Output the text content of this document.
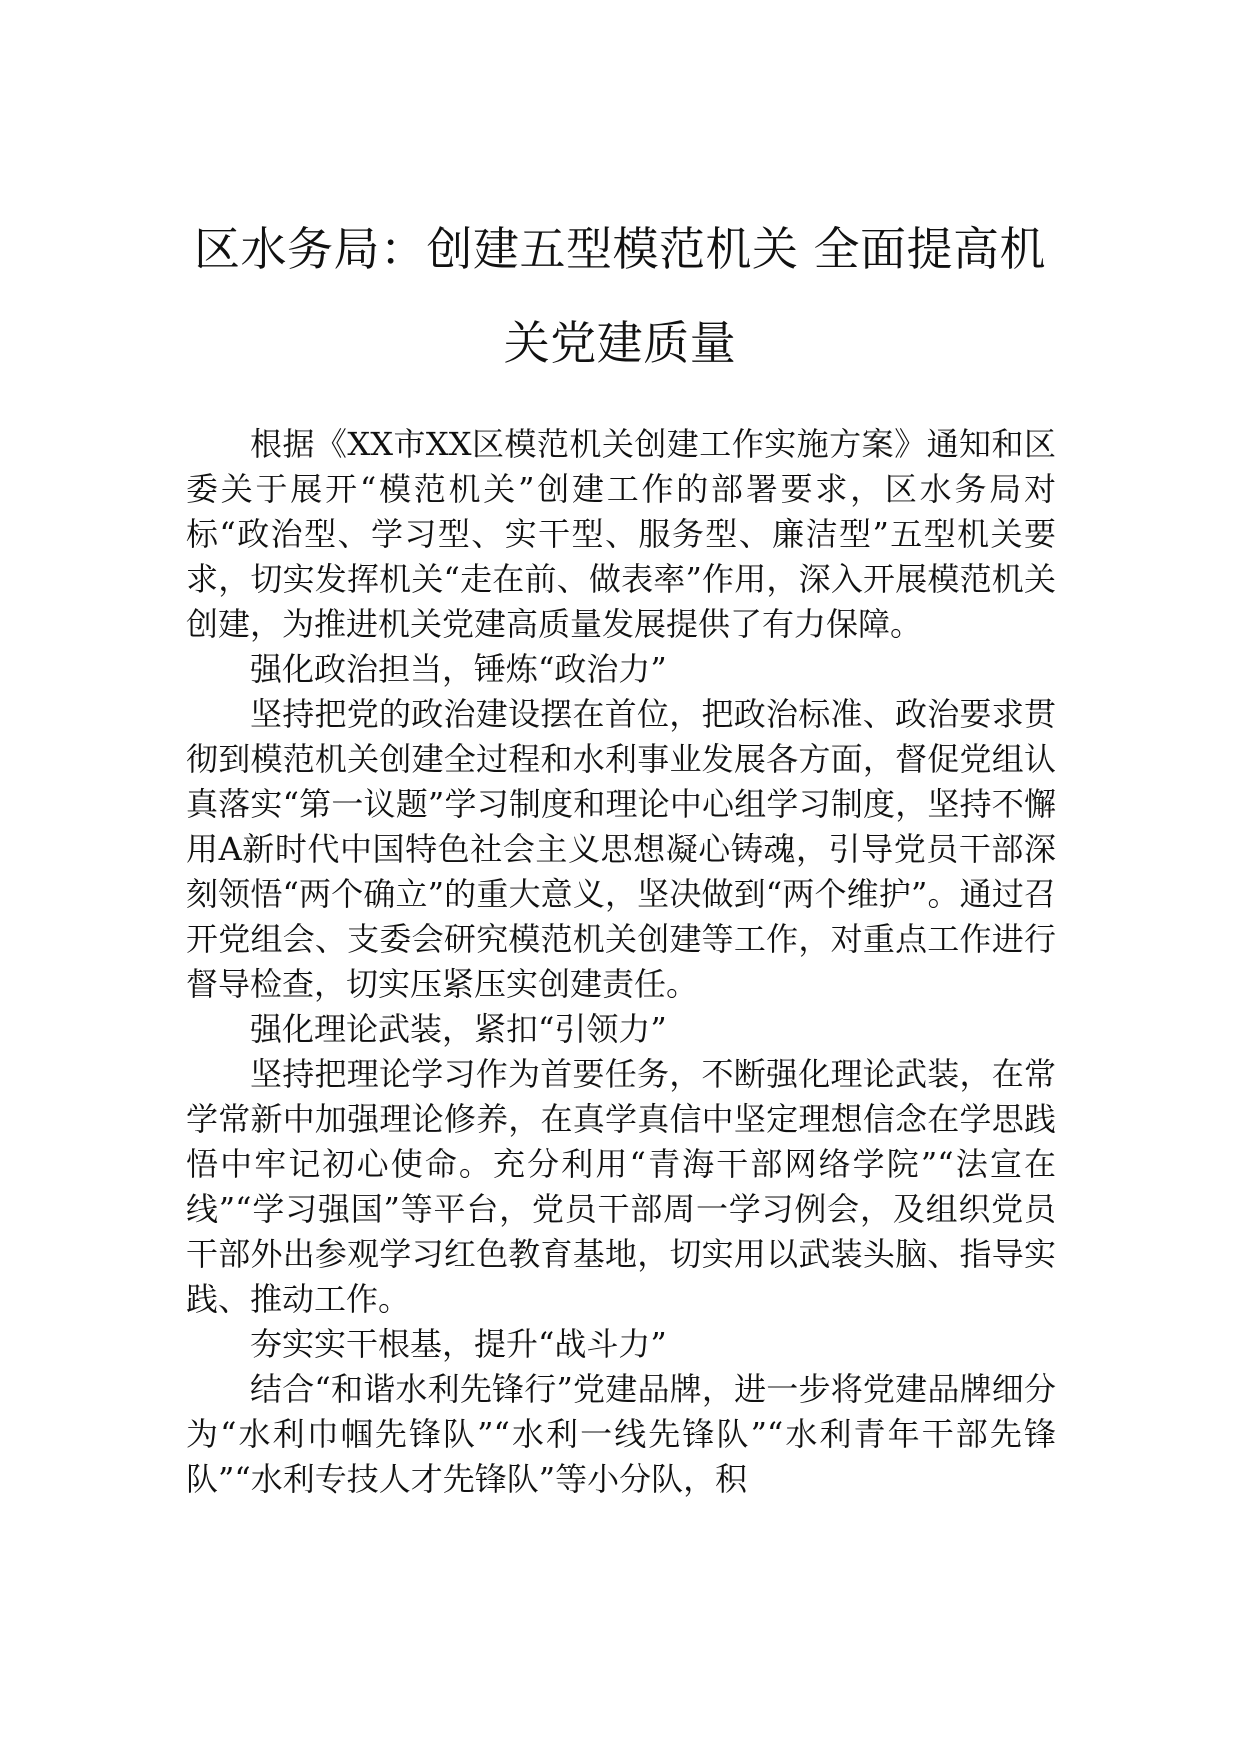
区水务局：创建五型模范机关 全面提高机
关党建质量

根据《XX市XX区模范机关创建工作实施方案》通知和区委关于展开“模范机关”创建工作的部署要求，区水务局对标“政治型、学习型、实干型、服务型、廉洁型”五型机关要求，切实发挥机关“走在前、做表率”作用，深入开展模范机关创建，为推进机关党建高质量发展提供了有力保障。

强化政治担当，锤炼“政治力”

坚持把党的政治建设摆在首位，把政治标准、政治要求贯彻到模范机关创建全过程和水利事业发展各方面，督促党组认真落实“第一议题”学习制度和理论中心组学习制度，坚持不懈用A新时代中国特色社会主义思想凝心铸魂，引导党员干部深刻领悟“两个确立”的重大意义，坚决做到“两个维护”。通过召开党组会、支委会研究模范机关创建等工作，对重点工作进行督导检查，切实压紧压实创建责任。

强化理论武装，紧扣“引领力”

坚持把理论学习作为首要任务，不断强化理论武装，在常学常新中加强理论修养，在真学真信中坚定理想信念在学思践悟中牢记初心使命。充分利用“青海干部网络学院”“法宣在线”“学习强国”等平台，党员干部周一学习例会，及组织党员干部外出参观学习红色教育基地，切实用以武装头脑、指导实践、推动工作。

夯实实干根基，提升“战斗力”

结合“和谐水利先锋行”党建品牌，进一步将党建品牌细分为“水利巾帼先锋队”“水利一线先锋队”“水利青年干部先锋队”“水利专技人才先锋队”等小分队，积
